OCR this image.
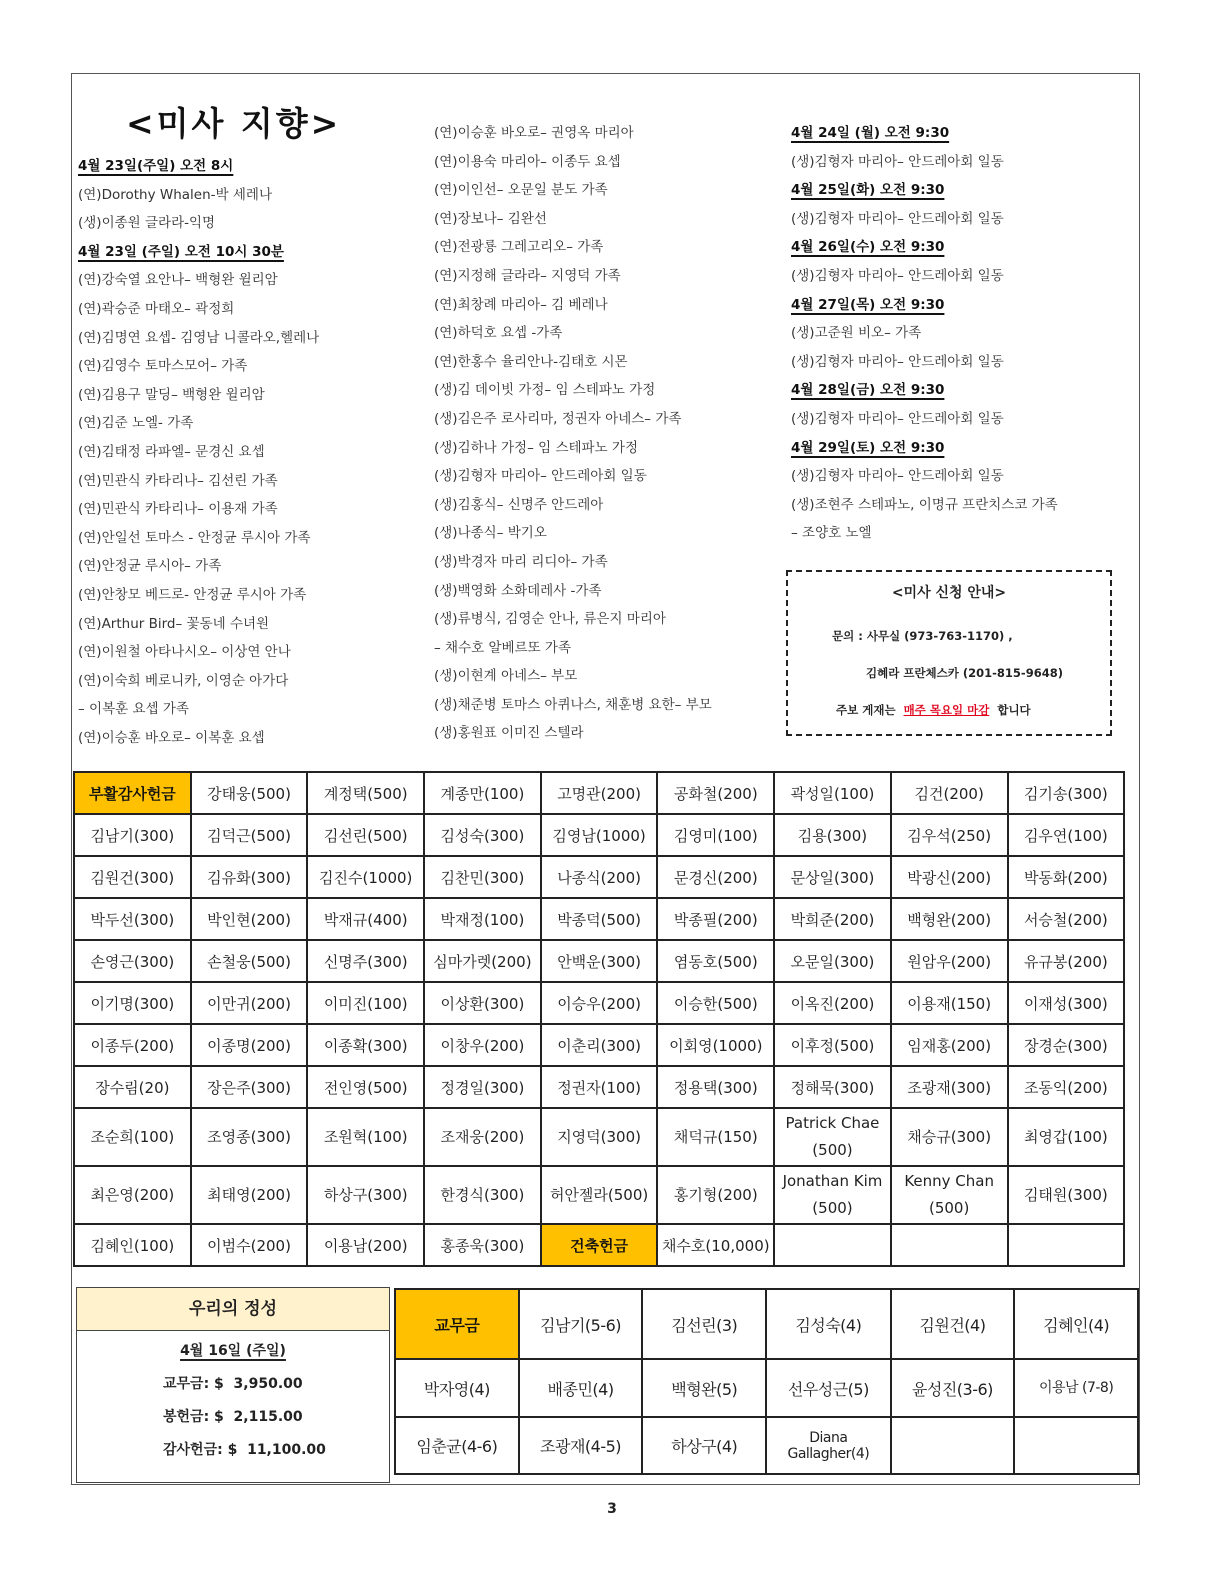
<미사 지향>
4월 23일(주일) 오전 8시
(연)Dorothy Whalen-박 세레나
(생)이종원 글라라-익명
4월 23일 (주일) 오전 10시 30분
(연)강숙열 요안나– 백형완 윌리암
(연)곽승준 마태오– 곽정희
(연)김명연 요셉- 김영남 니콜라오,헬레나
(연)김영수 토마스모어– 가족
(연)김용구 말딩– 백형완 윌리암
(연)김준 노엘- 가족
(연)김태정 라파엘– 문경신 요셉
(연)민관식 카타리나– 김선린 가족
(연)민관식 카타리나– 이용재 가족
(연)안일선 토마스 - 안정균 루시아 가족
(연)안정균 루시아– 가족
(연)안창모 베드로- 안정균 루시아 가족
(연)Arthur Bird– 꽃동네 수녀원
(연)이원철 아타나시오– 이상연 안나
(연)이숙희 베로니카, 이영순 아가다
– 이복훈 요셉 가족
(연)이승훈 바오로– 이복훈 요셉
(연)이승훈 바오로– 권영옥 마리아
(연)이용숙 마리아– 이종두 요셉
(연)이인선– 오문일 분도 가족
(연)장보나– 김완선
(연)전광룡 그레고리오– 가족
(연)지정해 글라라– 지영덕 가족
(연)최창례 마리아– 김 베레나
(연)하덕호 요셉 -가족
(연)한홍수 율리안나-김태호 시몬
(생)김 데이빗 가정– 임 스테파노 가정
(생)김은주 로사리마, 정권자 아네스– 가족
(생)김하나 가정– 임 스테파노 가정
(생)김형자 마리아– 안드레아회 일동
(생)김홍식– 신명주 안드레아
(생)나종식– 박기오
(생)박경자 마리 리디아– 가족
(생)백영화 소화데레사 -가족
(생)류병식, 김영순 안나, 류은지 마리아
– 채수호 알베르또 가족
(생)이현계 아네스– 부모
(생)채준병 토마스 아퀴나스, 채훈병 요한– 부모
(생)홍원표 이미진 스텔라
4월 24일 (월) 오전 9:30
(생)김형자 마리아– 안드레아회 일동
4월 25일(화) 오전 9:30
(생)김형자 마리아– 안드레아회 일동
4월 26일(수) 오전 9:30
(생)김형자 마리아– 안드레아회 일동
4월 27일(목) 오전 9:30
(생)고준원 비오– 가족
(생)김형자 마리아– 안드레아회 일동
4월 28일(금) 오전 9:30
(생)김형자 마리아– 안드레아회 일동
4월 29일(토) 오전 9:30
(생)김형자 마리아– 안드레아회 일동
(생)조현주 스테파노, 이명규 프란치스코 가족
– 조양호 노엘
<미사 신청 안내>
문의 : 사무실 (973-763-1170) ,
김혜라 프란체스카 (201-815-9648)
주보 게재는 매주 목요일 마감 합니다
부활감사헌금	강태웅(500)	계정택(500)	계종만(100)	고명관(200)	공화철(200)	곽성일(100)	김건(200)	김기송(300)
김남기(300)	김덕근(500)	김선린(500)	김성숙(300)	김영남(1000)	김영미(100)	김용(300)	김우석(250)	김우연(100)
김원건(300)	김유화(300)	김진수(1000)	김찬민(300)	나종식(200)	문경신(200)	문상일(300)	박광신(200)	박동화(200)
박두선(300)	박인현(200)	박재규(400)	박재정(100)	박종덕(500)	박종필(200)	박희준(200)	백형완(200)	서승철(200)
손영근(300)	손철웅(500)	신명주(300)	심마가렛(200)	안백운(300)	염동호(500)	오문일(300)	원암우(200)	유규봉(200)
이기명(300)	이만귀(200)	이미진(100)	이상환(300)	이승우(200)	이승한(500)	이옥진(200)	이용재(150)	이재성(300)
이종두(200)	이종명(200)	이종확(300)	이창우(200)	이춘리(300)	이회영(1000)	이후정(500)	임재홍(200)	장경순(300)
장수림(20)	장은주(300)	전인영(500)	정경일(300)	정권자(100)	정용택(300)	정해묵(300)	조광재(300)	조동익(200)
조순희(100)	조영종(300)	조원혁(100)	조재웅(200)	지영덕(300)	채덕규(150)	Patrick Chae (500)	채승규(300)	최영갑(100)
최은영(200)	최태영(200)	하상구(300)	한경식(300)	허안젤라(500)	홍기형(200)	Jonathan Kim (500)	Kenny Chan (500)	김태원(300)
김혜인(100)	이범수(200)	이용남(200)	홍종욱(300)	건축헌금	채수호(10,000)			
우리의 정성
4월 16일 (주일)
교무금: $ 3,950.00
봉헌금: $ 2,115.00
감사헌금: $ 11,100.00
교무금	김남기(5-6)	김선린(3)	김성숙(4)	김원건(4)	김혜인(4)
박자영(4)	배종민(4)	백형완(5)	선우성근(5)	윤성진(3-6)	이용남 (7-8)
임춘균(4-6)	조광재(4-5)	하상구(4)	Diana Gallagher(4)		
3
